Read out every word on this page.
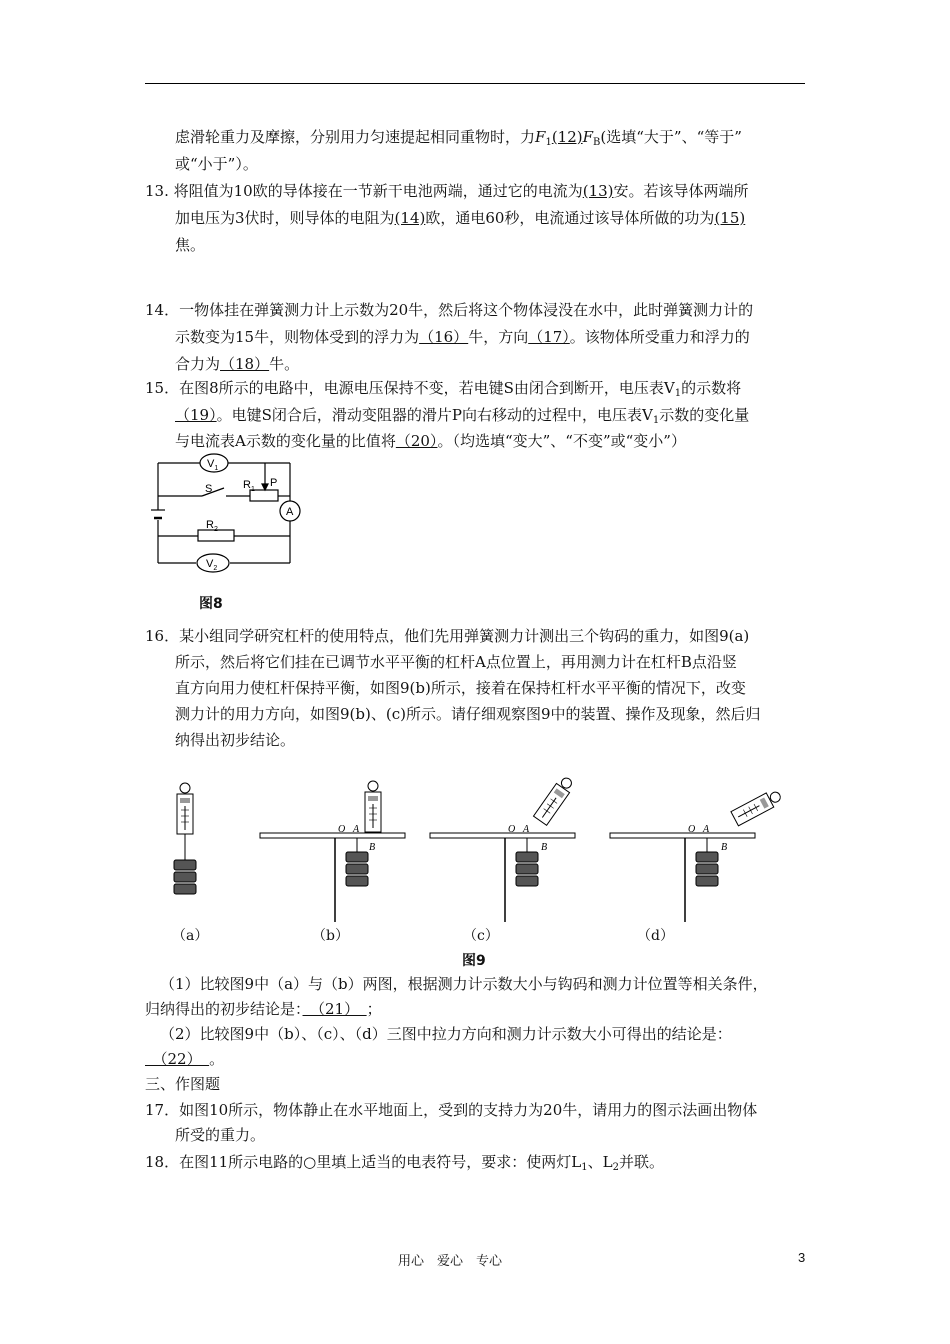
虑滑轮重力及摩擦，分别用力匀速提起相同重物时，力$F_1(12)F_B$(选填“大于”、“等于”
或“小于”）。
13. 将阻值为10欧的导体接在一节新干电池两端，通过它的电流为(13)安。若该导体两端所
加电压为3伏时，则导体的电阻为(14)欧，通电60秒，电流通过该导体所做的功为(15)
焦。
14．一物体挂在弹簧测力计上示数为20牛，然后将这个物体浸没在水中，此时弹簧测力计的
示数变为15牛，则物体受到的浮力为（16）牛，方向（17）。该物体所受重力和浮力的
合力为（18）牛。
15．在图8所示的电路中，电源电压保持不变，若电键S由闭合到断开，电压表$V_1$的示数将
（19）。电键S闭合后，滑动变阻器的滑片P向右移动的过程中，电压表$V_1$示数的变化量
与电流表A示数的变化量的比值将（20）。（均选填“变大”、“不变”或“变小”）
$V_1$
$V_2$
A
S	$R_1$
P
$R_2$
图8
16．某小组同学研究杠杆的使用特点，他们先用弹簧测力计测出三个钩码的重力，如图9(a)
所示，然后将它们挂在已调节水平平衡的杠杆A点位置上，再用测力计在杠杆B点沿竖
直方向用力使杠杆保持平衡，如图9(b)所示，接着在保持杠杆水平平衡的情况下，改变
测力计的用力方向，如图9(b)、(c)所示。请仔细观察图9中的装置、操作及现象，然后归
纳得出初步结论。
O A
B
O A
B
O A
B
（a）	（b）	（c）	（d）
图9
（1）比较图9中（a）与（b）两图，根据测力计示数大小与钩码和测力计位置等相关条件，
归纳得出的初步结论是：　（21）　；
（2）比较图9中（b）、（c）、（d）三图中拉力方向和测力计示数大小可得出的结论是：
　（22）　。
三、作图题
17．如图10所示，物体静止在水平地面上，受到的支持力为20牛，请用力的图示法画出物体
所受的重力。
18．在图11所示电路的○里填上适当的电表符号，要求：使两灯$L_1$、$L_2$并联。
用心　爱心　专心	3
